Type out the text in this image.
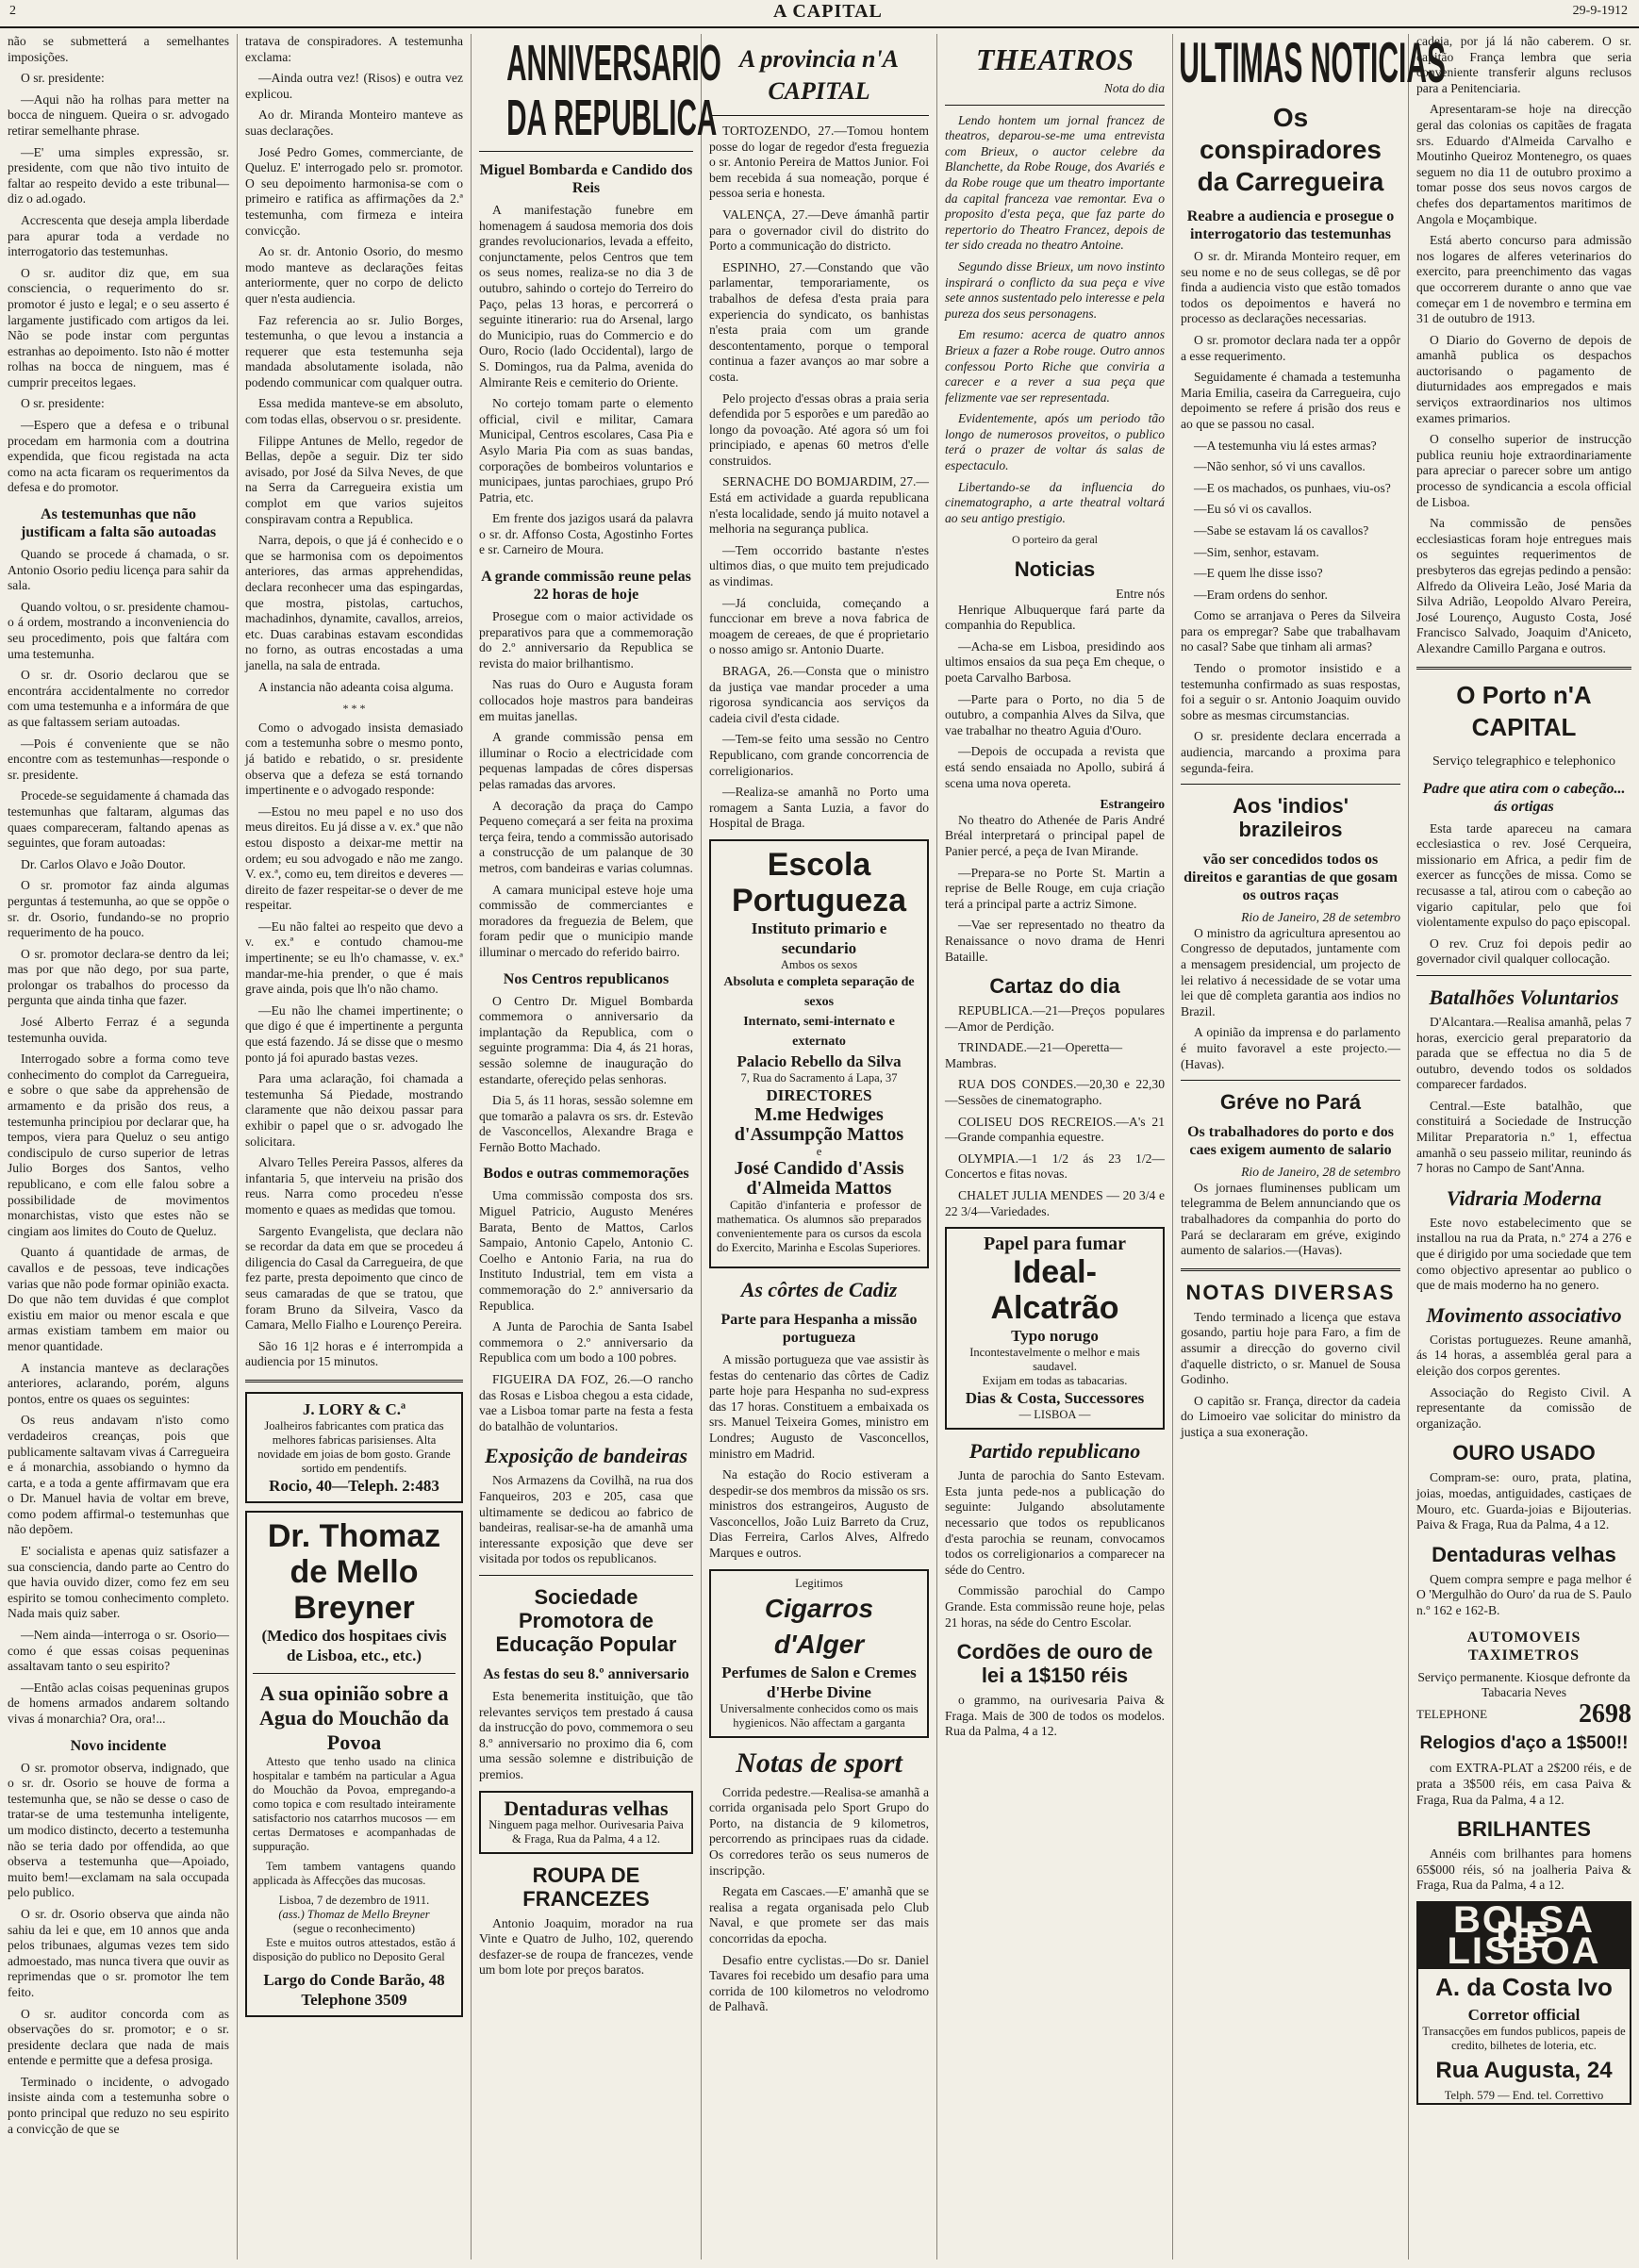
2	A CAPITAL	29-9-1912

não se submetterá a semelhantes imposições.

O sr. presidente:

—Aqui não ha rolhas para metter na bocca de ninguem. Queira o sr. advogado retirar semelhante phrase.

—E' uma simples expressão, sr. presidente, com que não tivo intuito de faltar ao respeito devido a este tribunal—diz o ad.ogado.

Accrescenta que deseja ampla liberdade para apurar toda a verdade no interrogatorio das testemunhas.

O sr. auditor diz que, em sua consciencia, o requerimento do sr. promotor é justo e legal; e o seu asserto é largamente justificado com artigos da lei. Não se pode instar com perguntas estranhas ao depoimento. Isto não é motter rolhas na bocca de ninguem, mas é cumprir preceitos legaes.

O sr. presidente:

—Espero que a defesa e o tribunal procedam em harmonia com a doutrina expendida, que ficou registada na acta como na acta ficaram os requerimentos da defesa e do promotor.

As testemunhas que não justificam a falta são autoadas

Quando se procede á chamada, o sr. Antonio Osorio pediu licença para sahir da sala.

Quando voltou, o sr. presidente chamou-o á ordem, mostrando a inconveniencia do seu procedimento, pois que faltára com uma testemunha.

O sr. dr. Osorio declarou que se encontrára accidentalmente no corredor com uma testemunha e a informára de que as que faltassem seriam autoadas.

—Pois é conveniente que se não encontre com as testemunhas—responde o sr. presidente.

Procede-se seguidamente á chamada das testemunhas que faltaram, algumas das quaes compareceram, faltando apenas as seguintes, que foram autoadas:

Dr. Carlos Olavo e João Doutor.

O sr. promotor faz ainda algumas perguntas á testemunha, ao que se oppõe o sr. dr. Osorio, fundando-se no proprio requerimento de ha pouco.

O sr. promotor declara-se dentro da lei; mas por que não dego, por sua parte, prolongar os trabalhos do processo da pergunta que ainda tinha que fazer.

José Alberto Ferraz é a segunda testemunha ouvida.

Interrogado sobre a forma como teve conhecimento do complot da Carregueira, e sobre o que sabe da apprehensão de armamento e da prisão dos reus, a testemunha principiou por declarar que, ha tempos, viera para Queluz o seu antigo condiscipulo de curso superior de letras Julio Borges dos Santos, velho republicano, e com elle falou sobre a possibilidade de movimentos monarchistas, visto que estes não se cingiam aos limites do Couto de Queluz.

Quanto á quantidade de armas, de cavallos e de pessoas, teve indicações varias que não pode formar opinião exacta. Do que não tem duvidas é que complot existiu em maior ou menor escala e que armas existiam tambem em maior ou menor quantidade.

A instancia manteve as declarações anteriores, aclarando, porém, alguns pontos, entre os quaes os seguintes:

Os reus andavam n'isto como verdadeiros creanças, pois que publicamente saltavam vivas á Carregueira e á monarchia, assobiando o hymno da carta, e a toda a gente affirmavam que era o Dr. Manuel havia de voltar em breve, como podem affirmal-o testemunhas que não depõem.

E' socialista e apenas quiz satisfazer a sua consciencia, dando parte ao Centro do que havia ouvido dizer, como fez em seu espirito se tomou conhecimento completo. Nada mais quiz saber.

—Nem ainda—interroga o sr. Osorio—como é que essas coisas pequeninas assaltavam tanto o seu espirito?

—Então aclas coisas pequeninas grupos de homens armados andarem soltando vivas á monarchia? Ora, ora!...

Novo incidente

O sr. promotor observa, indignado, que o sr. dr. Osorio se houve de forma a testemunha que, se não se desse o caso de tratar-se de uma testemunha inteligente, um modico distincto, decerto a testemunha não se teria dado por offendida, ao que observa a testemunha que—Apoiado, muito bem!—exclamam na sala occupada pelo publico.

O sr. dr. Osorio observa que ainda não sahiu da lei e que, em 10 annos que anda pelos tribunaes, algumas vezes tem sido admoestado, mas nunca tivera que ouvir as reprimendas que o sr. promotor lhe tem feito.

O sr. auditor concorda com as observações do sr. promotor; e o sr. presidente declara que nada de mais entende e permitte que a defesa prosiga.

Terminado o incidente, o advogado insiste ainda com a testemunha sobre o ponto principal que reduzo no seu espirito a convicção de que se

tratava de conspiradores. A testemunha exclama:

—Ainda outra vez! (Risos) e outra vez explicou.

Ao dr. Miranda Monteiro manteve as suas declarações.

José Pedro Gomes, commerciante, de Queluz. E' interrogado pelo sr. promotor. O seu depoimento harmonisa-se com o primeiro e ratifica as affirmações da 2.ª testemunha, com firmeza e inteira convicção.

Ao sr. dr. Antonio Osorio, do mesmo modo manteve as declarações feitas anteriormente, quer no corpo de delicto quer n'esta audiencia.

Faz referencia ao sr. Julio Borges, testemunha, o que levou a instancia a requerer que esta testemunha seja mandada absolutamente isolada, não podendo communicar com qualquer outra.

Essa medida manteve-se em absoluto, com todas ellas, observou o sr. presidente.

Filippe Antunes de Mello, regedor de Bellas, depõe a seguir. Diz ter sido avisado, por José da Silva Neves, de que na Serra da Carregueira existia um complot em que varios sujeitos conspiravam contra a Republica.

Narra, depois, o que já é conhecido e o que se harmonisa com os depoimentos anteriores, das armas apprehendidas, declara reconhecer uma das espingardas, que mostra, pistolas, cartuchos, machadinhos, dynamite, cavallos, arreios, etc. Duas carabinas estavam escondidas no forno, as outras encostadas a uma janella, na sala de entrada.

A instancia não adeanta coisa alguma.

* * *

Como o advogado insista demasiado com a testemunha sobre o mesmo ponto, já batido e rebatido, o sr. presidente observa que a defeza se está tornando impertinente e o advogado responde:

—Estou no meu papel e no uso dos meus direitos. Eu já disse a v. ex.ª que não estou disposto a deixar-me mettir na ordem; eu sou advogado e não me zango. V. ex.ª, como eu, tem direitos e deveres — direito de fazer respeitar-se o dever de me respeitar.

—Eu não faltei ao respeito que devo a v. ex.ª e contudo chamou-me impertinente; se eu lh'o chamasse, v. ex.ª mandar-me-hia prender, o que é mais grave ainda, pois que lh'o não chamo.

—Eu não lhe chamei impertinente; o que digo é que é impertinente a pergunta que está fazendo. Já se disse que o mesmo ponto já foi apurado bastas vezes.

Para uma aclaração, foi chamada a testemunha Sá Piedade, mostrando claramente que não deixou passar para exhibir o papel que o sr. advogado lhe solicitara.

Alvaro Telles Pereira Passos, alferes da infantaria 5, que interveiu na prisão dos reus. Narra como procedeu n'esse momento e quaes as medidas que tomou.

Sargento Evangelista, que declara não se recordar da data em que se procedeu á diligencia do Casal da Carregueira, de que fez parte, presta depoimento que cinco de seus camaradas de que se tratou, que foram Bruno da Silveira, Vasco da Camara, Mello Fialho e Lourenço Pereira.

São 16 1|2 horas e é interrompida a audiencia por 15 minutos.

J. LORY & C.ª
Joalheiros fabricantes com pratica das melhores fabricas parisienses. Alta novidade em joias de bom gosto. Grande sortido em pendentifs.
Rocio, 40—Teleph. 2:483
Dr. Thomaz de Mello Breyner
(Medico dos hospitaes civis de Lisboa, etc., etc.)
A sua opinião sobre a Agua do Mouchão da Povoa

Attesto que tenho usado na clinica hospitalar e também na particular a Agua do Mouchão da Povoa, empregando-a como topica e com resultado inteiramente satisfactorio nos catarrhos mucosos — em certas Dermatoses e acompanhadas de suppuração.

Tem tambem vantagens quando applicada às Affecções das mucosas.

Lisboa, 7 de dezembro de 1911.
(ass.) Thomaz de Mello Breyner
(segue o reconhecimento)

Este e muitos outros attestados, estão á disposição do publico no Deposito Geral

Largo do Conde Barão, 48
Telephone 3509
ANNIVERSARIO
DA REPUBLICA
Miguel Bombarda e Candido dos Reis

A manifestação funebre em homenagem á saudosa memoria dos dois grandes revolucionarios, levada a effeito, conjunctamente, pelos Centros que tem os seus nomes, realiza-se no dia 3 de outubro, sahindo o cortejo do Terreiro do Paço, pelas 13 horas, e percorrerá o seguinte itinerario: rua do Arsenal, largo do Municipio, ruas do Commercio e do Ouro, Rocio (lado Occidental), largo de S. Domingos, rua da Palma, avenida do Almirante Reis e cemiterio do Oriente.

No cortejo tomam parte o elemento official, civil e militar, Camara Municipal, Centros escolares, Casa Pia e Asylo Maria Pia com as suas bandas, corporações de bombeiros voluntarios e municipaes, juntas parochiaes, grupo Pró Patria, etc.

Em frente dos jazigos usará da palavra o sr. dr. Affonso Costa, Agostinho Fortes e sr. Carneiro de Moura.

A grande commissão reune pelas 22 horas de hoje

Prosegue com o maior actividade os preparativos para que a commemoração do 2.º anniversario da Republica se revista do maior brilhantismo.

Nas ruas do Ouro e Augusta foram collocados hoje mastros para bandeiras em muitas janellas.

A grande commissão pensa em illuminar o Rocio a electricidade com pequenas lampadas de côres dispersas pelas ramadas das arvores.

A decoração da praça do Campo Pequeno começará a ser feita na proxima terça feira, tendo a commissão autorisado a construcção de um palanque de 30 metros, com bandeiras e varias columnas.

A camara municipal esteve hoje uma commissão de commerciantes e moradores da freguezia de Belem, que foram pedir que o municipio mande illuminar o mercado do referido bairro.

Nos Centros republicanos

O Centro Dr. Miguel Bombarda commemora o anniversario da implantação da Republica, com o seguinte programma: Dia 4, ás 21 horas, sessão solemne de inauguração do estandarte, ofereçido pelas senhoras.

Dia 5, ás 11 horas, sessão solemne em que tomarão a palavra os srs. dr. Estevão de Vasconcellos, Alexandre Braga e Fernão Botto Machado.

Bodos e outras commemorações

Uma commissão composta dos srs. Miguel Patricio, Augusto Menéres Barata, Bento de Mattos, Carlos Sampaio, Antonio Capelo, Antonio C. Coelho e Antonio Faria, na rua do Instituto Industrial, tem em vista a commemoração do 2.º anniversario da Republica.

A Junta de Parochia de Santa Isabel commemora o 2.º anniversario da Republica com um bodo a 100 pobres.

FIGUEIRA DA FOZ, 26.—O rancho das Rosas e Lisboa chegou a esta cidade, vae a Lisboa tomar parte na festa a festa do batalhão de voluntarios.

Exposição de bandeiras

Nos Armazens da Covilhã, na rua dos Fanqueiros, 203 e 205, casa que ultimamente se dedicou ao fabrico de bandeiras, realisar-se-ha de amanhã uma interessante exposição que deve ser visitada por todos os republicanos.

Sociedade Promotora de Educação Popular
As festas do seu 8.º anniversario

Esta benemerita instituição, que tão relevantes serviços tem prestado á causa da instrucção do povo, commemora o seu 8.º anniversario no proximo dia 6, com uma sessão solemne e distribuição de premios.

Dentaduras velhas
Ninguem paga melhor. Ourivesaria Paiva & Fraga, Rua da Palma, 4 a 12.
ROUPA DE FRANCEZES

Antonio Joaquim, morador na rua Vinte e Quatro de Julho, 102, querendo desfazer-se de roupa de francezes, vende um bom lote por preços baratos.

A provincia n'A CAPITAL

TORTOZENDO, 27.—Tomou hontem posse do logar de regedor d'esta freguezia o sr. Antonio Pereira de Mattos Junior. Foi bem recebida á sua nomeação, porque é pessoa seria e honesta.

VALENÇA, 27.—Deve ámanhã partir para o governador civil do distrito do Porto a communicação do districto.

ESPINHO, 27.—Constando que vão parlamentar, temporariamente, os trabalhos de defesa d'esta praia para experiencia do syndicato, os banhistas n'esta praia com um grande descontentamento, porque o temporal continua a fazer avanços ao mar sobre a costa.

Pelo projecto d'essas obras a praia seria defendida por 5 esporões e um paredão ao longo da povoação. Até agora só um foi principiado, e apenas 60 metros d'elle construidos.

SERNACHE DO BOMJARDIM, 27.—Está em actividade a guarda republicana n'esta localidade, sendo já muito notavel a melhoria na segurança publica.

—Tem occorrido bastante n'estes ultimos dias, o que muito tem prejudicado as vindimas.

—Já concluida, começando a funccionar em breve a nova fabrica de moagem de cereaes, de que é proprietario o nosso amigo sr. Antonio Duarte.

BRAGA, 26.—Consta que o ministro da justiça vae mandar proceder a uma rigorosa syndicancia aos serviços da cadeia civil d'esta cidade.

—Tem-se feito uma sessão no Centro Republicano, com grande concorrencia de correligionarios.

—Realiza-se amanhã no Porto uma romagem a Santa Luzia, a favor do Hospital de Braga.

Escola Portugueza
Instituto primario e secundario
Ambos os sexos
Absoluta e completa separação de sexos
Internato, semi-internato e externato
Palacio Rebello da Silva
7, Rua do Sacramento á Lapa, 37
DIRECTORES
M.me Hedwiges d'Assumpção Mattos
e
José Candido d'Assis d'Almeida Mattos

Capitão d'infanteria e professor de mathematica. Os alumnos são preparados convenientemente para os cursos da escola do Exercito, Marinha e Escolas Superiores.

As côrtes de Cadiz
Parte para Hespanha a missão portugueza

A missão portugueza que vae assistir às festas do centenario das côrtes de Cadiz parte hoje para Hespanha no sud-express das 17 horas. Constituem a embaixada os srs. Manuel Teixeira Gomes, ministro em Londres; Augusto de Vasconcellos, ministro em Madrid.

Na estação do Rocio estiveram a despedir-se dos membros da missão os srs. ministros dos estrangeiros, Augusto de Vasconcellos, João Luiz Barreto da Cruz, Dias Ferreira, Carlos Alves, Alfredo Marques e outros.

Legitimos
Cigarros d'Alger
Perfumes de Salon e Cremes d'Herbe Divine
Universalmente conhecidos como os mais hygienicos. Não affectam a garganta
Notas de sport

Corrida pedestre.—Realisa-se amanhã a corrida organisada pelo Sport Grupo do Porto, na distancia de 9 kilometros, percorrendo as principaes ruas da cidade. Os corredores terão os seus numeros de inscripção.

Regata em Cascaes.—E' amanhã que se realisa a regata organisada pelo Club Naval, e que promete ser das mais concorridas da epocha.

Desafio entre cyclistas.—Do sr. Daniel Tavares foi recebido um desafio para uma corrida de 100 kilometros no velodromo de Palhavã.

THEATROS
Nota do dia

Lendo hontem um jornal francez de theatros, deparou-se-me uma entrevista com Brieux, o auctor celebre da Blanchette, da Robe Rouge, dos Avariés e da Robe rouge que um theatro importante da capital franceza vae remontar. Eva o proposito d'esta peça, que faz parte do repertorio do Theatro Francez, depois de ter sido creada no theatro Antoine.

Segundo disse Brieux, um novo instinto inspirará o conflicto da sua peça e vive sete annos sustentado pelo interesse e pela pureza dos seus personagens.

Em resumo: acerca de quatro annos Brieux a fazer a Robe rouge. Outro annos confessou Porto Riche que conviria a carecer e a rever a sua peça que felizmente vae ser representada.

Evidentemente, após um periodo tão longo de numerosos proveitos, o publico terá o prazer de voltar ás salas de espectaculo.

Libertando-se da influencia do cinematographo, a arte theatral voltará ao seu antigo prestigio.

O porteiro da geral
Noticias
Entre nós

Henrique Albuquerque fará parte da companhia do Republica.

—Acha-se em Lisboa, presidindo aos ultimos ensaios da sua peça Em cheque, o poeta Carvalho Barbosa.

—Parte para o Porto, no dia 5 de outubro, a companhia Alves da Silva, que vae trabalhar no theatro Aguia d'Ouro.

—Depois de occupada a revista que está sendo ensaiada no Apollo, subirá á scena uma nova opereta.

Estrangeiro

No theatro do Athenée de Paris André Bréal interpretará o principal papel de Panier percé, a peça de Ivan Mirande.

—Prepara-se no Porte St. Martin a reprise de Belle Rouge, em cuja criação terá a principal parte a actriz Simone.

—Vae ser representado no theatro da Renaissance o novo drama de Henri Bataille.

Cartaz do dia

REPUBLICA.—21—Preços populares—Amor de Perdição.

TRINDADE.—21—Operetta—Mambras.

RUA DOS CONDES.—20,30 e 22,30—Sessões de cinematographo.

COLISEU DOS RECREIOS.—A's 21—Grande companhia equestre.

OLYMPIA.—1 1/2 ás 23 1/2—Concertos e fitas novas.

CHALET JULIA MENDES — 20 3/4 e 22 3/4—Variedades.

Papel para fumar
Ideal-Alcatrão
Typo norugo
Incontestavelmente o melhor e mais saudavel.
Exijam em todas as tabacarias.
Dias & Costa, Successores
— LISBOA —
Partido republicano

Junta de parochia do Santo Estevam. Esta junta pede-nos a publicação do seguinte: Julgando absolutamente necessario que todos os republicanos d'esta parochia se reunam, convocamos todos os correligionarios a comparecer na séde do Centro.

Commissão parochial do Campo Grande. Esta commissão reune hoje, pelas 21 horas, na séde do Centro Escolar.

Cordões de ouro de lei a 1$150 réis

o grammo, na ourivesaria Paiva & Fraga. Mais de 300 de todos os modelos. Rua da Palma, 4 a 12.

ULTIMAS NOTICIAS
Os conspiradores da Carregueira
Reabre a audiencia e prosegue o interrogatorio das testemunhas

O sr. dr. Miranda Monteiro requer, em seu nome e no de seus collegas, se dê por finda a audiencia visto que estão tomados todos os depoimentos e haverá no processo as declarações necessarias.

O sr. promotor declara nada ter a oppôr a esse requerimento.

Seguidamente é chamada a testemunha Maria Emilia, caseira da Carregueira, cujo depoimento se refere á prisão dos reus e ao que se passou no casal.

—A testemunha viu lá estes armas?

—Não senhor, só vi uns cavallos.

—E os machados, os punhaes, viu-os?

—Eu só vi os cavallos.

—Sabe se estavam lá os cavallos?

—Sim, senhor, estavam.

—E quem lhe disse isso?

—Eram ordens do senhor.

Como se arranjava o Peres da Silveira para os empregar? Sabe que trabalhavam no casal? Sabe que tinham ali armas?

Tendo o promotor insistido e a testemunha confirmado as suas respostas, foi a seguir o sr. Antonio Joaquim ouvido sobre as mesmas circumstancias.

O sr. presidente declara encerrada a audiencia, marcando a proxima para segunda-feira.

Aos 'indios' brazileiros
vão ser concedidos todos os direitos e garantias de que gosam os outros raças
Rio de Janeiro, 28 de setembro

O ministro da agricultura apresentou ao Congresso de deputados, juntamente com a mensagem presidencial, um projecto de lei relativo á necessidade de se votar uma lei que dê completa garantia aos indios no Brazil.

A opinião da imprensa e do parlamento é muito favoravel a este projecto.—(Havas).

Gréve no Pará
Os trabalhadores do porto e dos caes exigem aumento de salario
Rio de Janeiro, 28 de setembro

Os jornaes fluminenses publicam um telegramma de Belem annunciando que os trabalhadores da companhia do porto do Pará se declararam em gréve, exigindo aumento de salarios.—(Havas).

NOTAS DIVERSAS

Tendo terminado a licença que estava gosando, partiu hoje para Faro, a fim de assumir a direcção do governo civil d'aquelle districto, o sr. Manuel de Sousa Godinho.

O capitão sr. França, director da cadeia do Limoeiro vae solicitar do ministro da justiça a sua exoneração.

cadeia, por já lá não caberem. O sr. capitão França lembra que seria conveniente transferir alguns reclusos para a Penitenciaria.

Apresentaram-se hoje na direcção geral das colonias os capitães de fragata srs. Eduardo d'Almeida Carvalho e Moutinho Queiroz Montenegro, os quaes seguem no dia 11 de outubro proximo a tomar posse dos seus novos cargos de chefes dos departamentos maritimos de Angola e Moçambique.

Está aberto concurso para admissão nos logares de alferes veterinarios do exercito, para preenchimento das vagas que occorrerem durante o anno que vae começar em 1 de novembro e termina em 31 de outubro de 1913.

O Diario do Governo de depois de amanhã publica os despachos auctorisando o pagamento de diuturnidades aos empregados e mais serviços extraordinarios nos ultimos exames primarios.

O conselho superior de instrucção publica reuniu hoje extraordinariamente para apreciar o parecer sobre um antigo processo de syndicancia a escola official de Lisboa.

Na commissão de pensões ecclesiasticas foram hoje entregues mais os seguintes requerimentos de presbyteros das egrejas pedindo a pensão: Alfredo da Oliveira Leão, José Maria da Silva Adrião, Leopoldo Alvaro Pereira, José Lourenço, Augusto Costa, José Francisco Salvado, Joaquim d'Aniceto, Alexandre Camillo Pargana e outros.

O Porto n'A CAPITAL
Serviço telegraphico e telephonico
Padre que atira com o cabeção... ás ortigas

Esta tarde apareceu na camara ecclesiastica o rev. José Cerqueira, missionario em Africa, a pedir fim de exercer as funcções de missa. Como se recusasse a tal, atirou com o cabeção ao vigario capitular, pelo que foi violentamente expulso do paço episcopal.

O rev. Cruz foi depois pedir ao governador civil qualquer collocação.

Batalhões Voluntarios

D'Alcantara.—Realisa amanhã, pelas 7 horas, exercicio geral preparatorio da parada que se effectua no dia 5 de outubro, devendo todos os soldados comparecer fardados.

Central.—Este batalhão, que constituirá a Sociedade de Instrucção Militar Preparatoria n.º 1, effectua amanhã o seu passeio militar, reunindo ás 7 horas no Campo de Sant'Anna.

Vidraria Moderna

Este novo estabelecimento que se installou na rua da Prata, n.º 274 a 276 e que é dirigido por uma sociedade que tem como objectivo apresentar ao publico o que de mais moderno ha no genero.

Movimento associativo

Coristas portuguezes. Reune amanhã, ás 14 horas, a assembléa geral para a eleição dos corpos gerentes.

Associação do Registo Civil. A representante da comissão de organização.

OURO USADO

Compram-se: ouro, prata, platina, joias, moedas, antiguidades, castiçaes de Mouro, etc. Guarda-joias e Bijouterias. Paiva & Fraga, Rua da Palma, 4 a 12.

Dentaduras velhas

Quem compra sempre e paga melhor é O 'Mergulhão do Ouro' da rua de S. Paulo n.º 162 e 162-B.

AUTOMOVEIS TAXIMETROS

Serviço permanente. Kiosque defronte da Tabacaria Neves

TELEPHONE	2698
Relogios d'aço a 1$500!!

com EXTRA-PLAT a 2$200 réis, e de prata a 3$500 réis, em casa Paiva & Fraga, Rua da Palma, 4 a 12.

BRILHANTES

Annéis com brilhantes para homens 65$000 réis, só na joalheria Paiva & Fraga, Rua da Palma, 4 a 12.

BOLSA DE LISBOA
A. da Costa Ivo
Corretor official
Transacções em fundos publicos, papeis de credito, bilhetes de loteria, etc.
Rua Augusta, 24
Telph. 579 — End. tel. Correttivo
